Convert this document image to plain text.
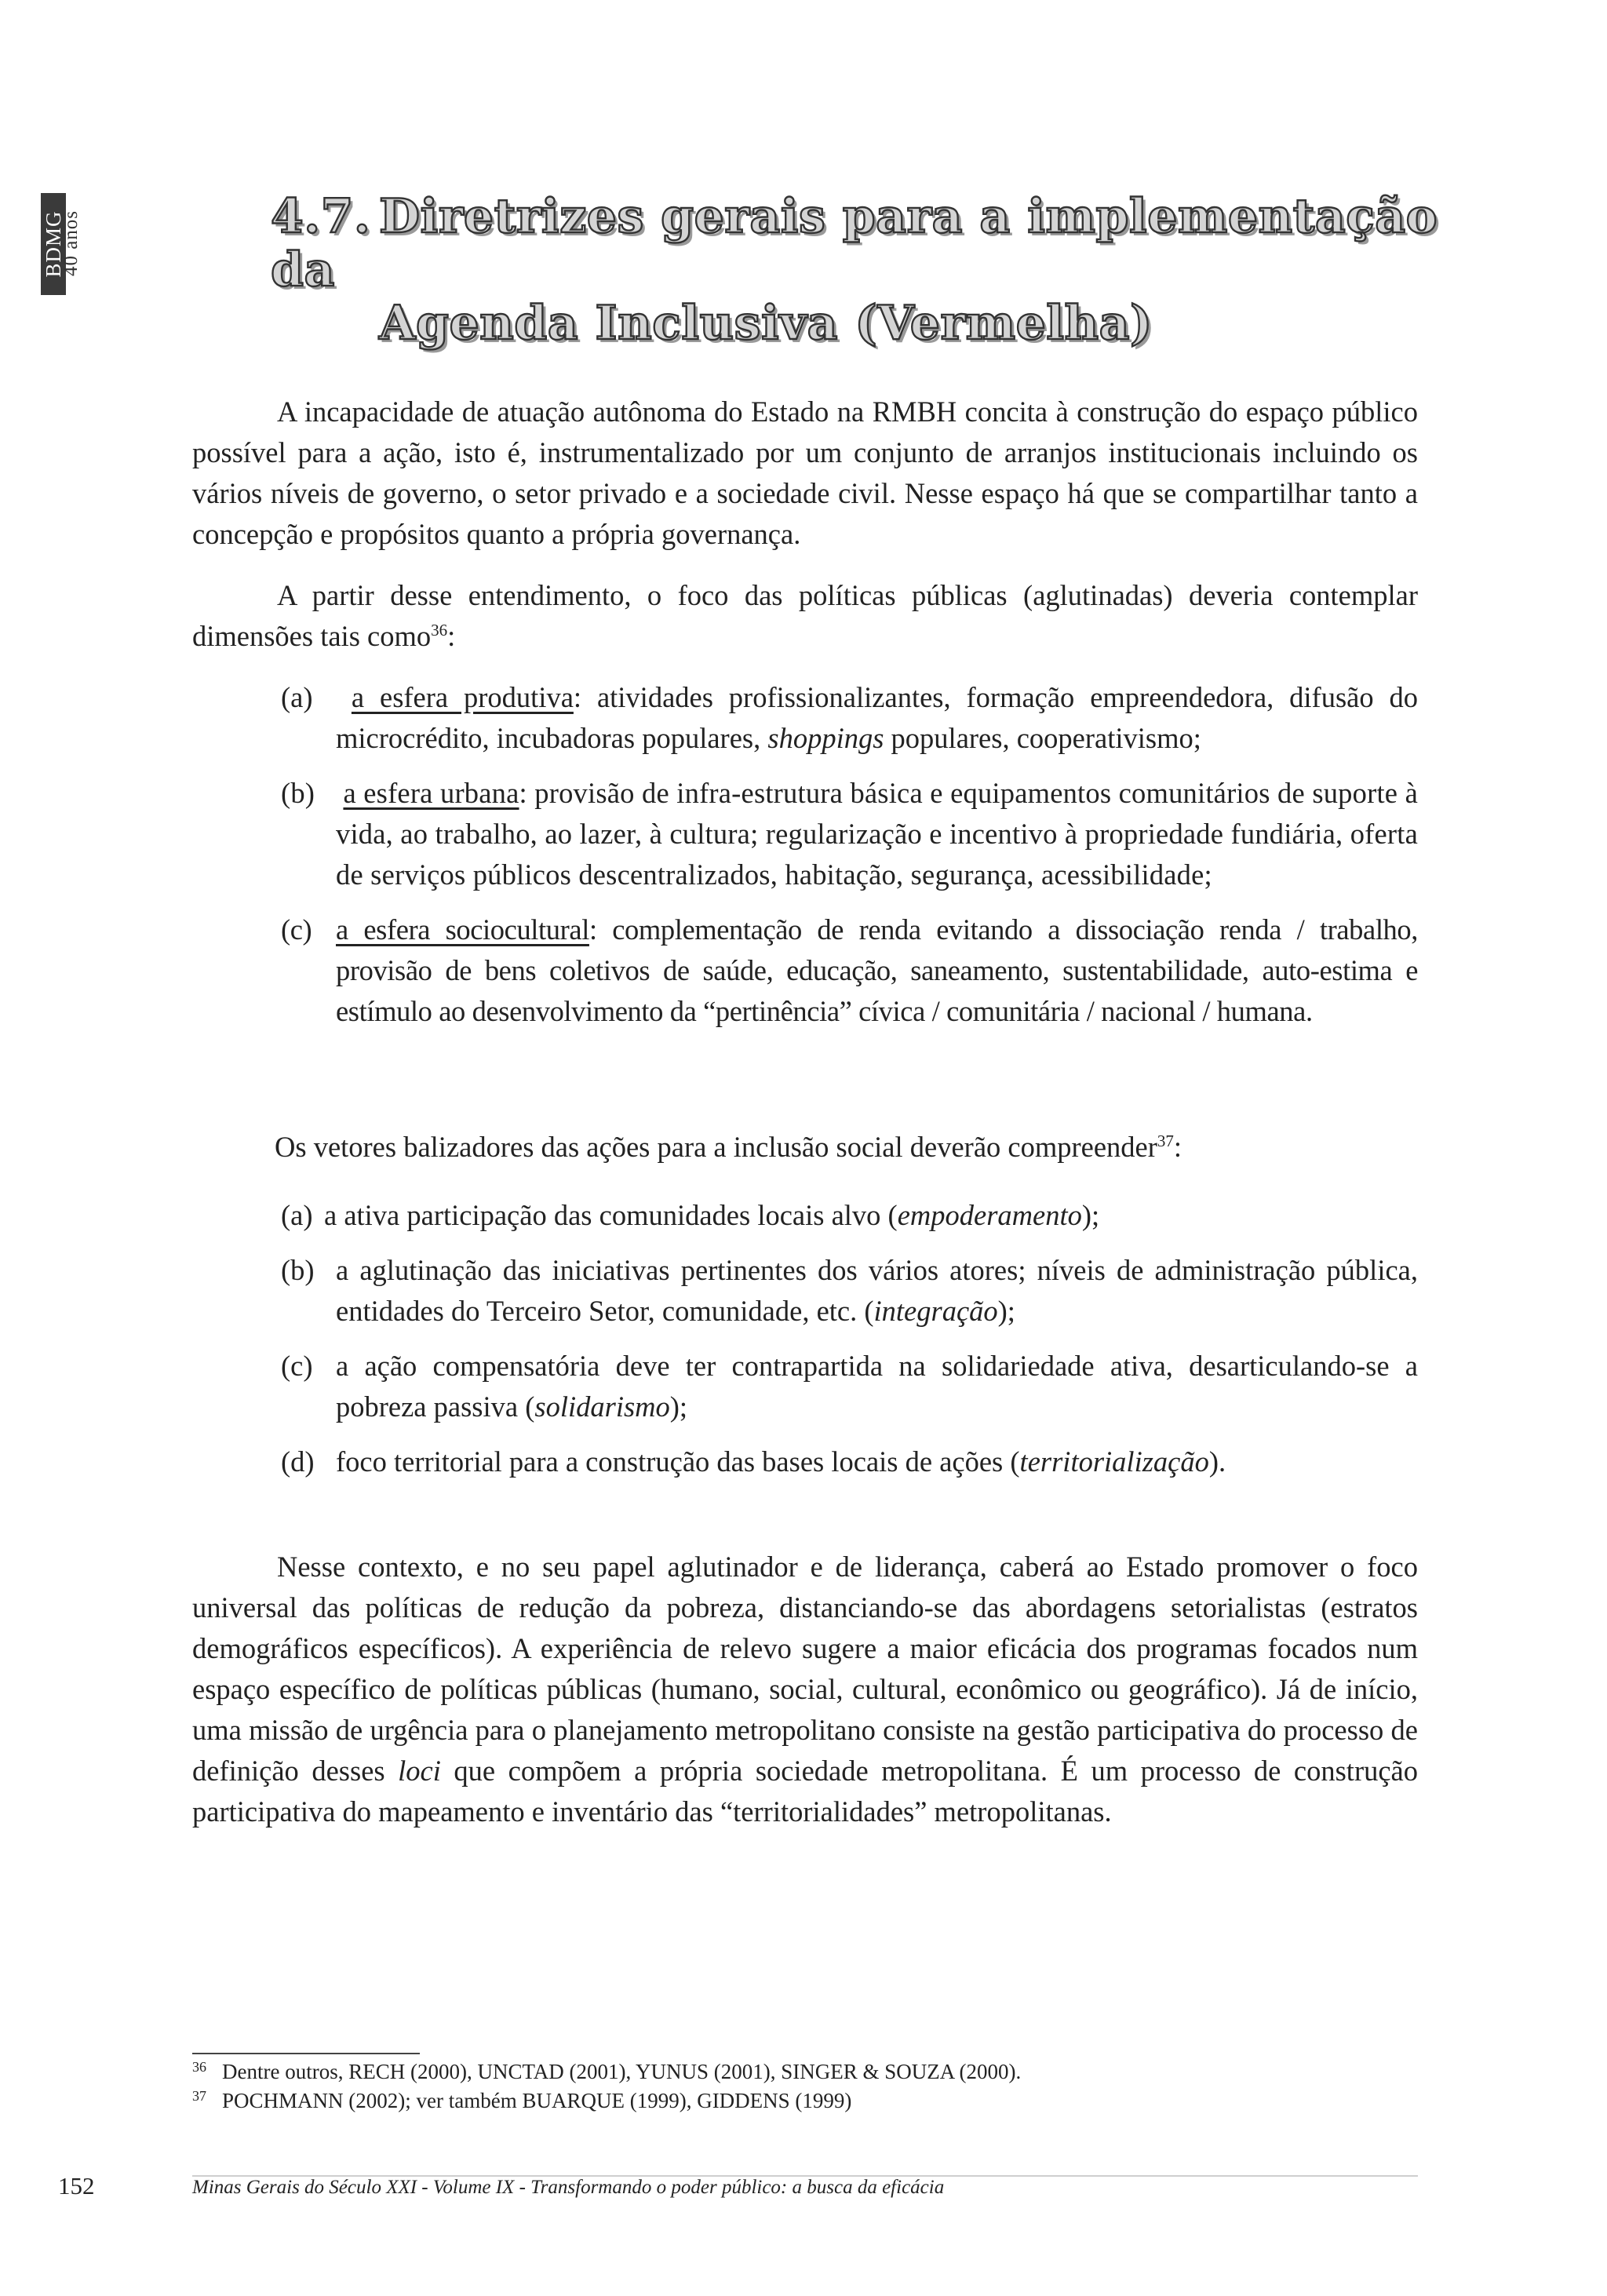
BDMG
40 anos	4.7. Diretrizes gerais para a implementação da
Agenda Inclusiva (Vermelha)

A incapacidade de atuação autônoma do Estado na RMBH concita à construção do espaço público possível para a ação, isto é, instrumentalizado por um conjunto de arranjos institucionais incluindo os vários níveis de governo, o setor privado e a sociedade civil. Nesse espaço há que se compartilhar tanto a concepção e propósitos quanto a própria governança.

A partir desse entendimento, o foco das políticas públicas (aglutinadas) deveria contemplar dimensões tais como$^{36}$:

(a) a esfera produtiva: atividades profissionalizantes, formação empreendedora, difusão do microcrédito, incubadoras populares, shoppings populares, cooperativismo;
(b) a esfera urbana: provisão de infra-estrutura básica e equipamentos comunitários de suporte à vida, ao trabalho, ao lazer, à cultura; regularização e incentivo à propriedade fundiária, oferta de serviços públicos descentralizados, habitação, segurança, acessibilidade;
(c) a esfera sociocultural: complementação de renda evitando a dissociação renda / trabalho, provisão de bens coletivos de saúde, educação, saneamento, sustentabilidade, auto-estima e estímulo ao desenvolvimento da “pertinência” cívica / comunitária / nacional / humana.

Os vetores balizadores das ações para a inclusão social deverão compreender$^{37}$:

(a) a ativa participação das comunidades locais alvo (empoderamento);
(b) a aglutinação das iniciativas pertinentes dos vários atores; níveis de administração pública, entidades do Terceiro Setor, comunidade, etc. (integração);
(c) a ação compensatória deve ter contrapartida na solidariedade ativa, desarticulando-se a pobreza passiva (solidarismo);
(d) foco territorial para a construção das bases locais de ações (territorialização).

Nesse contexto, e no seu papel aglutinador e de liderança, caberá ao Estado promover o foco universal das políticas de redução da pobreza, distanciando-se das abordagens setorialistas (estratos demográficos específicos). A experiência de relevo sugere a maior eficácia dos programas focados num espaço específico de políticas públicas (humano, social, cultural, econômico ou geográfico). Já de início, uma missão de urgência para o planejamento metropolitano consiste na gestão participativa do processo de definição desses loci que compõem a própria sociedade metropolitana. É um processo de construção participativa do mapeamento e inventário das “territorialidades” metropolitanas.

36 Dentre outros, RECH (2000), UNCTAD (2001), YUNUS (2001), SINGER & SOUZA (2000).
37 POCHMANN (2002); ver também BUARQUE (1999), GIDDENS (1999)
152	Minas Gerais do Século XXI - Volume IX - Transformando o poder público: a busca da eficácia
